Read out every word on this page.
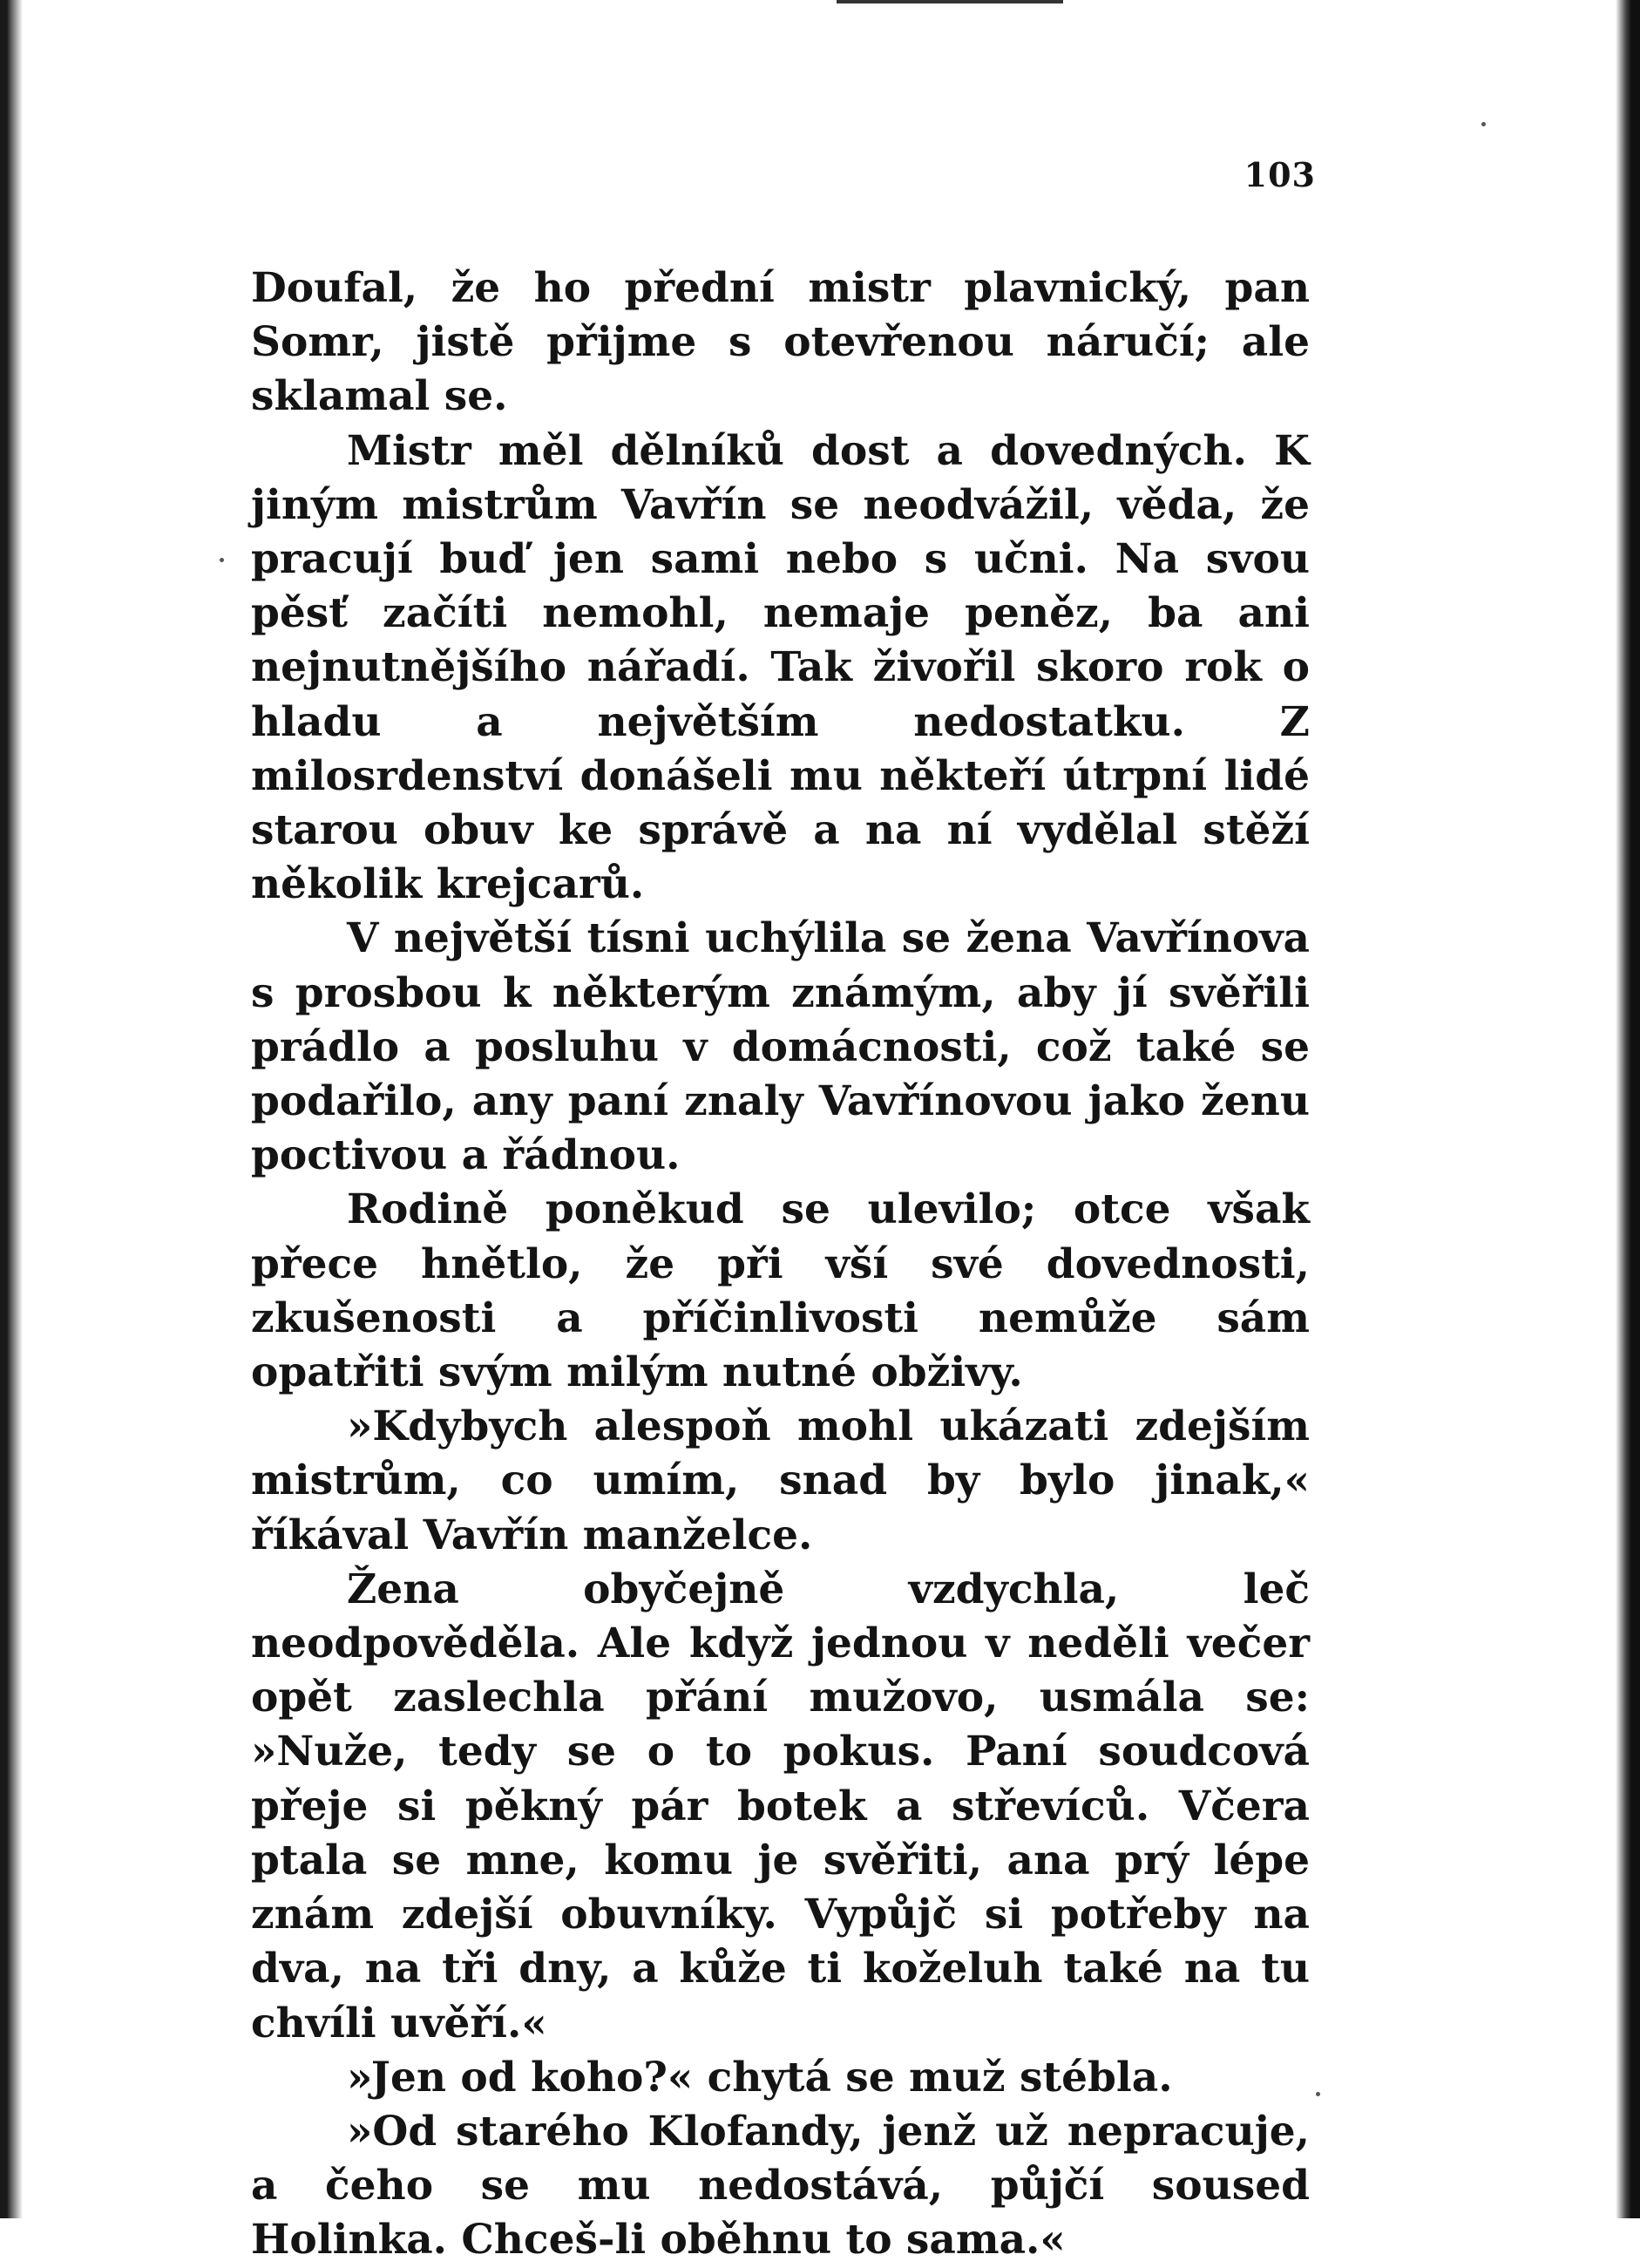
103

Doufal, že ho přední mistr plavnický, pan Somr, jistě přijme s otevřenou náručí; ale sklamal se.

Mistr měl dělníků dost a dovedných. K jiným mistrům Vavřín se neodvážil, věda, že pracují buď jen sami nebo s učni. Na svou pěsť začíti nemohl, nemaje peněz, ba ani nejnutnějšího nářadí. Tak živořil skoro rok o hladu a největším nedostatku. Z milosrdenství donášeli mu někteří útrpní lidé starou obuv ke správě a na ní vydělal stěží několik krejcarů.

V největší tísni uchýlila se žena Vavřínova s prosbou k některým známým, aby jí svěřili prádlo a posluhu v domácnosti, což také se podařilo, any paní znaly Vavřínovou jako ženu poctivou a řádnou.

Rodině poněkud se ulevilo; otce však přece hnětlo, že při vší své dovednosti, zkušenosti a příčinlivosti nemůže sám opatřiti svým milým nutné obživy.

»Kdybych alespoň mohl ukázati zdejším mistrům, co umím, snad by bylo jinak,« říkával Vavřín manželce.

Žena obyčejně vzdychla, leč neodpověděla. Ale když jednou v neděli večer opět zaslechla přání mužovo, usmála se: »Nuže, tedy se o to pokus. Paní soudcová přeje si pěkný pár botek a střevíců. Včera ptala se mne, komu je svěřiti, ana prý lépe znám zdejší obuvníky. Vypůjč si potřeby na dva, na tři dny, a kůže ti koželuh také na tu chvíli uvěří.«

»Jen od koho?« chytá se muž stébla.

»Od starého Klofandy, jenž už nepracuje, a čeho se mu nedostává, půjčí soused Holinka. Chceš-li oběhnu to sama.«
